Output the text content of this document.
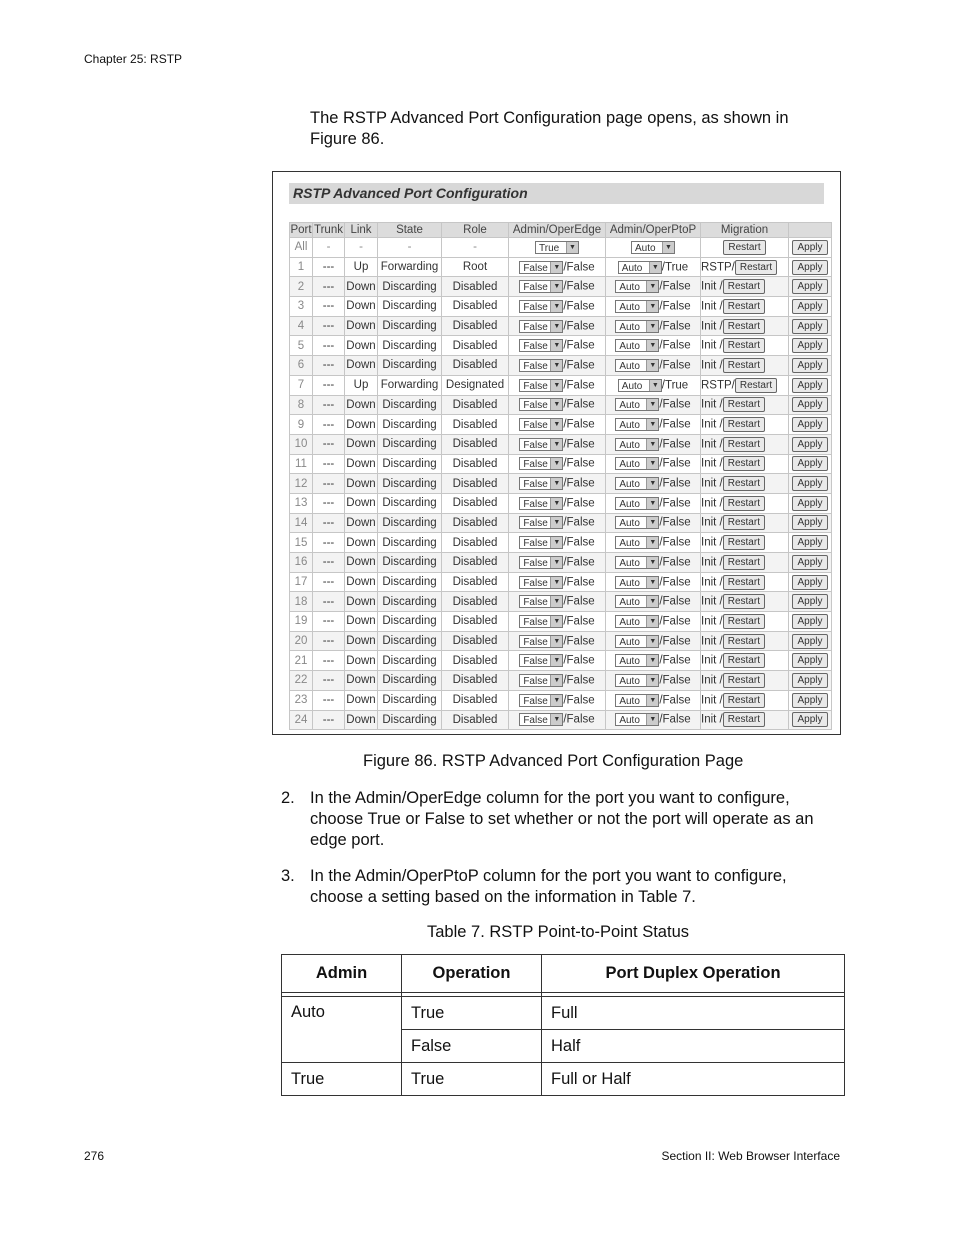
Chapter 25: RSTP
The RSTP Advanced Port Configuration page opens, as shown in Figure 86.
RSTP Advanced Port Configuration
Port	Trunk	Link	State	Role	Admin/OperEdge	Admin/OperPtoP	Migration	
All	-	-	-	-	True ▼	Auto ▼	Restart	Apply
1	---	Up	Forwarding	Root	False ▼ /False	Auto ▼ /True	RSTP/ Restart	Apply
2	---	Down	Discarding	Disabled	False ▼ /False	Auto ▼ /False	Init / Restart	Apply
3	---	Down	Discarding	Disabled	False ▼ /False	Auto ▼ /False	Init / Restart	Apply
4	---	Down	Discarding	Disabled	False ▼ /False	Auto ▼ /False	Init / Restart	Apply
5	---	Down	Discarding	Disabled	False ▼ /False	Auto ▼ /False	Init / Restart	Apply
6	---	Down	Discarding	Disabled	False ▼ /False	Auto ▼ /False	Init / Restart	Apply
7	---	Up	Forwarding	Designated	False ▼ /False	Auto ▼ /True	RSTP/ Restart	Apply
8	---	Down	Discarding	Disabled	False ▼ /False	Auto ▼ /False	Init / Restart	Apply
9	---	Down	Discarding	Disabled	False ▼ /False	Auto ▼ /False	Init / Restart	Apply
10	---	Down	Discarding	Disabled	False ▼ /False	Auto ▼ /False	Init / Restart	Apply
11	---	Down	Discarding	Disabled	False ▼ /False	Auto ▼ /False	Init / Restart	Apply
12	---	Down	Discarding	Disabled	False ▼ /False	Auto ▼ /False	Init / Restart	Apply
13	---	Down	Discarding	Disabled	False ▼ /False	Auto ▼ /False	Init / Restart	Apply
14	---	Down	Discarding	Disabled	False ▼ /False	Auto ▼ /False	Init / Restart	Apply
15	---	Down	Discarding	Disabled	False ▼ /False	Auto ▼ /False	Init / Restart	Apply
16	---	Down	Discarding	Disabled	False ▼ /False	Auto ▼ /False	Init / Restart	Apply
17	---	Down	Discarding	Disabled	False ▼ /False	Auto ▼ /False	Init / Restart	Apply
18	---	Down	Discarding	Disabled	False ▼ /False	Auto ▼ /False	Init / Restart	Apply
19	---	Down	Discarding	Disabled	False ▼ /False	Auto ▼ /False	Init / Restart	Apply
20	---	Down	Discarding	Disabled	False ▼ /False	Auto ▼ /False	Init / Restart	Apply
21	---	Down	Discarding	Disabled	False ▼ /False	Auto ▼ /False	Init / Restart	Apply
22	---	Down	Discarding	Disabled	False ▼ /False	Auto ▼ /False	Init / Restart	Apply
23	---	Down	Discarding	Disabled	False ▼ /False	Auto ▼ /False	Init / Restart	Apply
24	---	Down	Discarding	Disabled	False ▼ /False	Auto ▼ /False	Init / Restart	Apply
Figure 86. RSTP Advanced Port Configuration Page
2. In the Admin/OperEdge column for the port you want to configure, choose True or False to set whether or not the port will operate as an edge port.
3. In the Admin/OperPtoP column for the port you want to configure, choose a setting based on the information in Table 7.
Table 7. RSTP Point-to-Point Status
Admin	Operation	Port Duplex Operation

Auto	True	Full
	False	Half
True	True	Full or Half
276	Section II: Web Browser Interface
